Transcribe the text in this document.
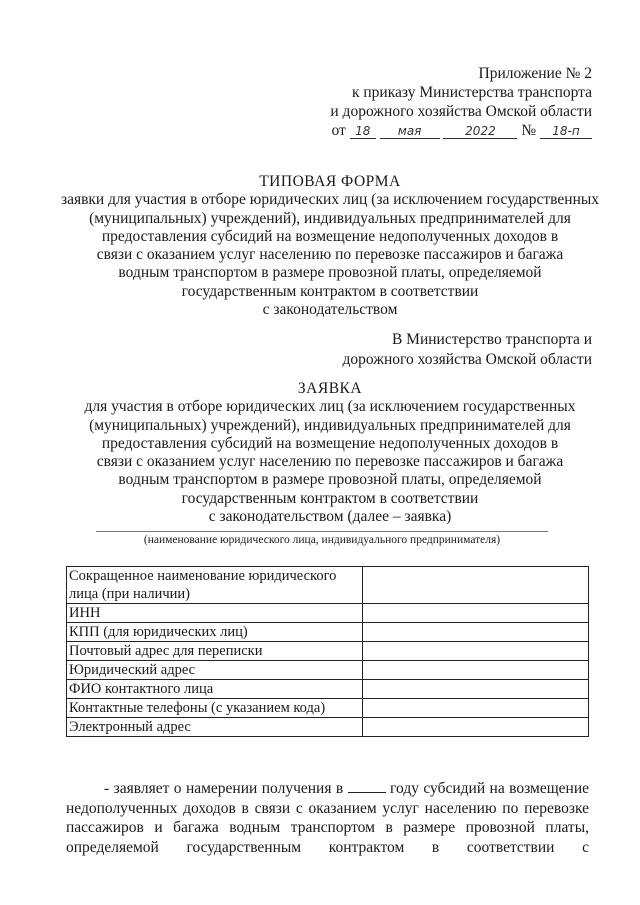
Приложение № 2
к приказу Министерства транспорта
и дорожного хозяйства Омской области
от 18 мая	2022 № 18-п
ТИПОВАЯ ФОРМА
заявки для участия в отборе юридических лиц (за исключением государственных
(муниципальных) учреждений), индивидуальных предпринимателей для
предоставления субсидий на возмещение недополученных доходов в
связи с оказанием услуг населению по перевозке пассажиров и багажа
водным транспортом в размере провозной платы, определяемой
государственным контрактом в соответствии
с законодательством
В Министерство транспорта и
дорожного хозяйства Омской области
ЗАЯВКА
для участия в отборе юридических лиц (за исключением государственных
(муниципальных) учреждений), индивидуальных предпринимателей для
предоставления субсидий на возмещение недополученных доходов в
связи с оказанием услуг населению по перевозке пассажиров и багажа
водным транспортом в размере провозной платы, определяемой
государственным контрактом в соответствии
с законодательством (далее – заявка)
(наименование юридического лица, индивидуального предпринимателя)
Сокращенное наименование юридического лица (при наличии)	
ИНН	
КПП (для юридических лиц)	
Почтовый адрес для переписки	
Юридический адрес	
ФИО контактного лица	
Контактные телефоны (с указанием кода)	
Электронный адрес	
- заявляет о намерении получения в	году субсидий на возмещение недополученных доходов в связи с оказанием услуг населению по перевозке пассажиров и багажа водным транспортом в размере провозной платы, определяемой государственным контрактом в соответствии с
